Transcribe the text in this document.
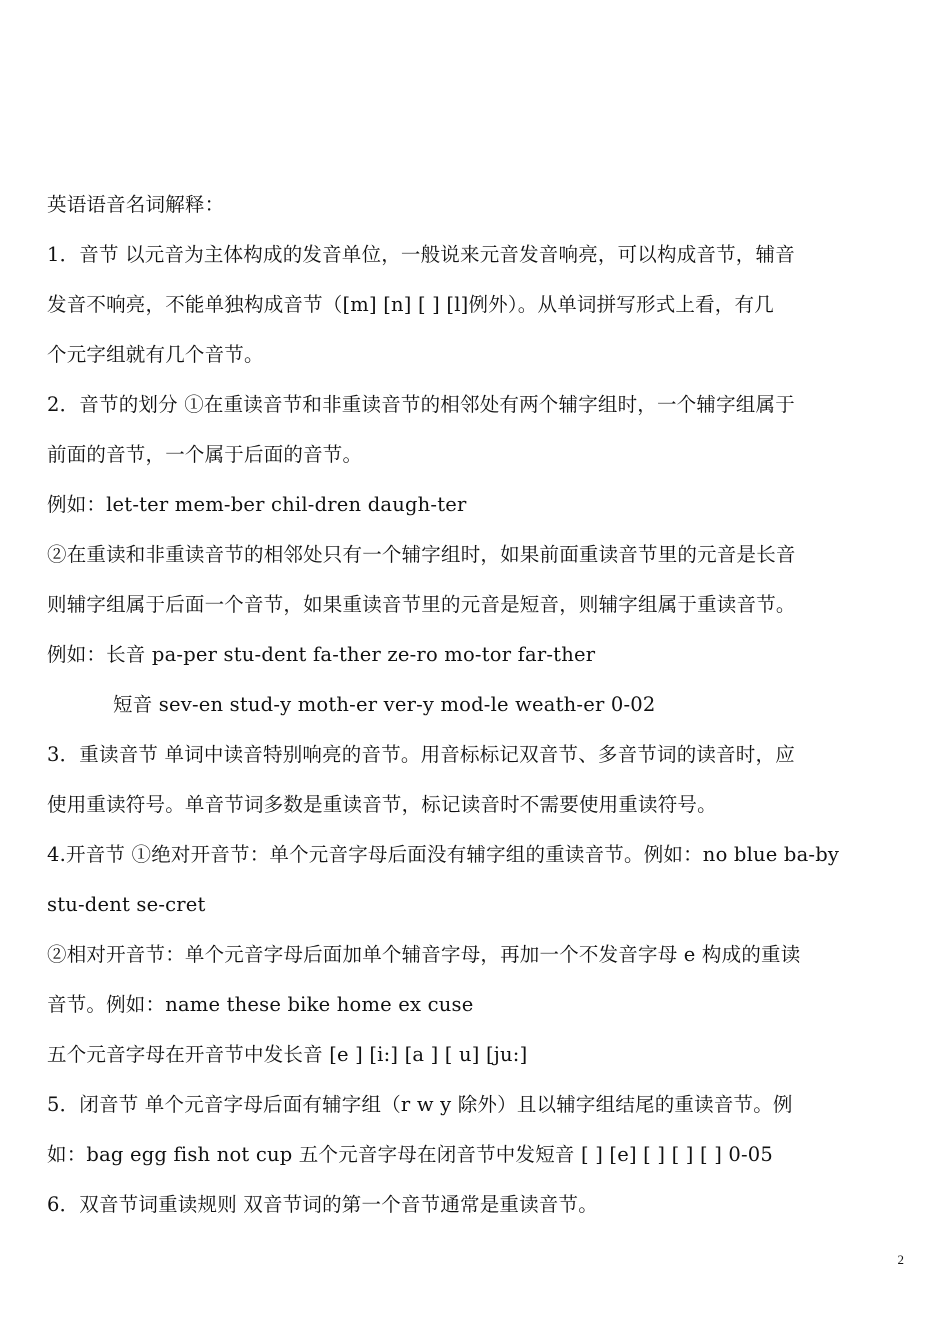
英语语音名词解释：
1．音节 以元音为主体构成的发音单位，一般说来元音发音响亮，可以构成音节，辅音
发音不响亮，不能单独构成音节（[m] [n] [ ] [l]例外）。从单词拼写形式上看，有几
个元字组就有几个音节。
2．音节的划分 ①在重读音节和非重读音节的相邻处有两个辅字组时，一个辅字组属于
前面的音节，一个属于后面的音节。
例如：let-ter mem-ber chil-dren daugh-ter
②在重读和非重读音节的相邻处只有一个辅字组时，如果前面重读音节里的元音是长音
则辅字组属于后面一个音节，如果重读音节里的元音是短音，则辅字组属于重读音节。
例如：长音 pa-per stu-dent fa-ther ze-ro mo-tor far-ther
短音 sev-en stud-y moth-er ver-y mod-le weath-er 0-02
3．重读音节 单词中读音特别响亮的音节。用音标标记双音节、多音节词的读音时，应
使用重读符号。单音节词多数是重读音节，标记读音时不需要使用重读符号。
4.开音节 ①绝对开音节：单个元音字母后面没有辅字组的重读音节。例如：no blue ba-by
stu-dent se-cret
②相对开音节：单个元音字母后面加单个辅音字母，再加一个不发音字母 e 构成的重读
音节。例如：name these bike home ex cuse
五个元音字母在开音节中发长音 [e ] [i:] [a ] [ u] [ju:]
5．闭音节 单个元音字母后面有辅字组（r w y 除外）且以辅字组结尾的重读音节。例
如：bag egg fish not cup 五个元音字母在闭音节中发短音 [ ] [e] [ ] [ ] [ ] 0-05
6．双音节词重读规则 双音节词的第一个音节通常是重读音节。
2
